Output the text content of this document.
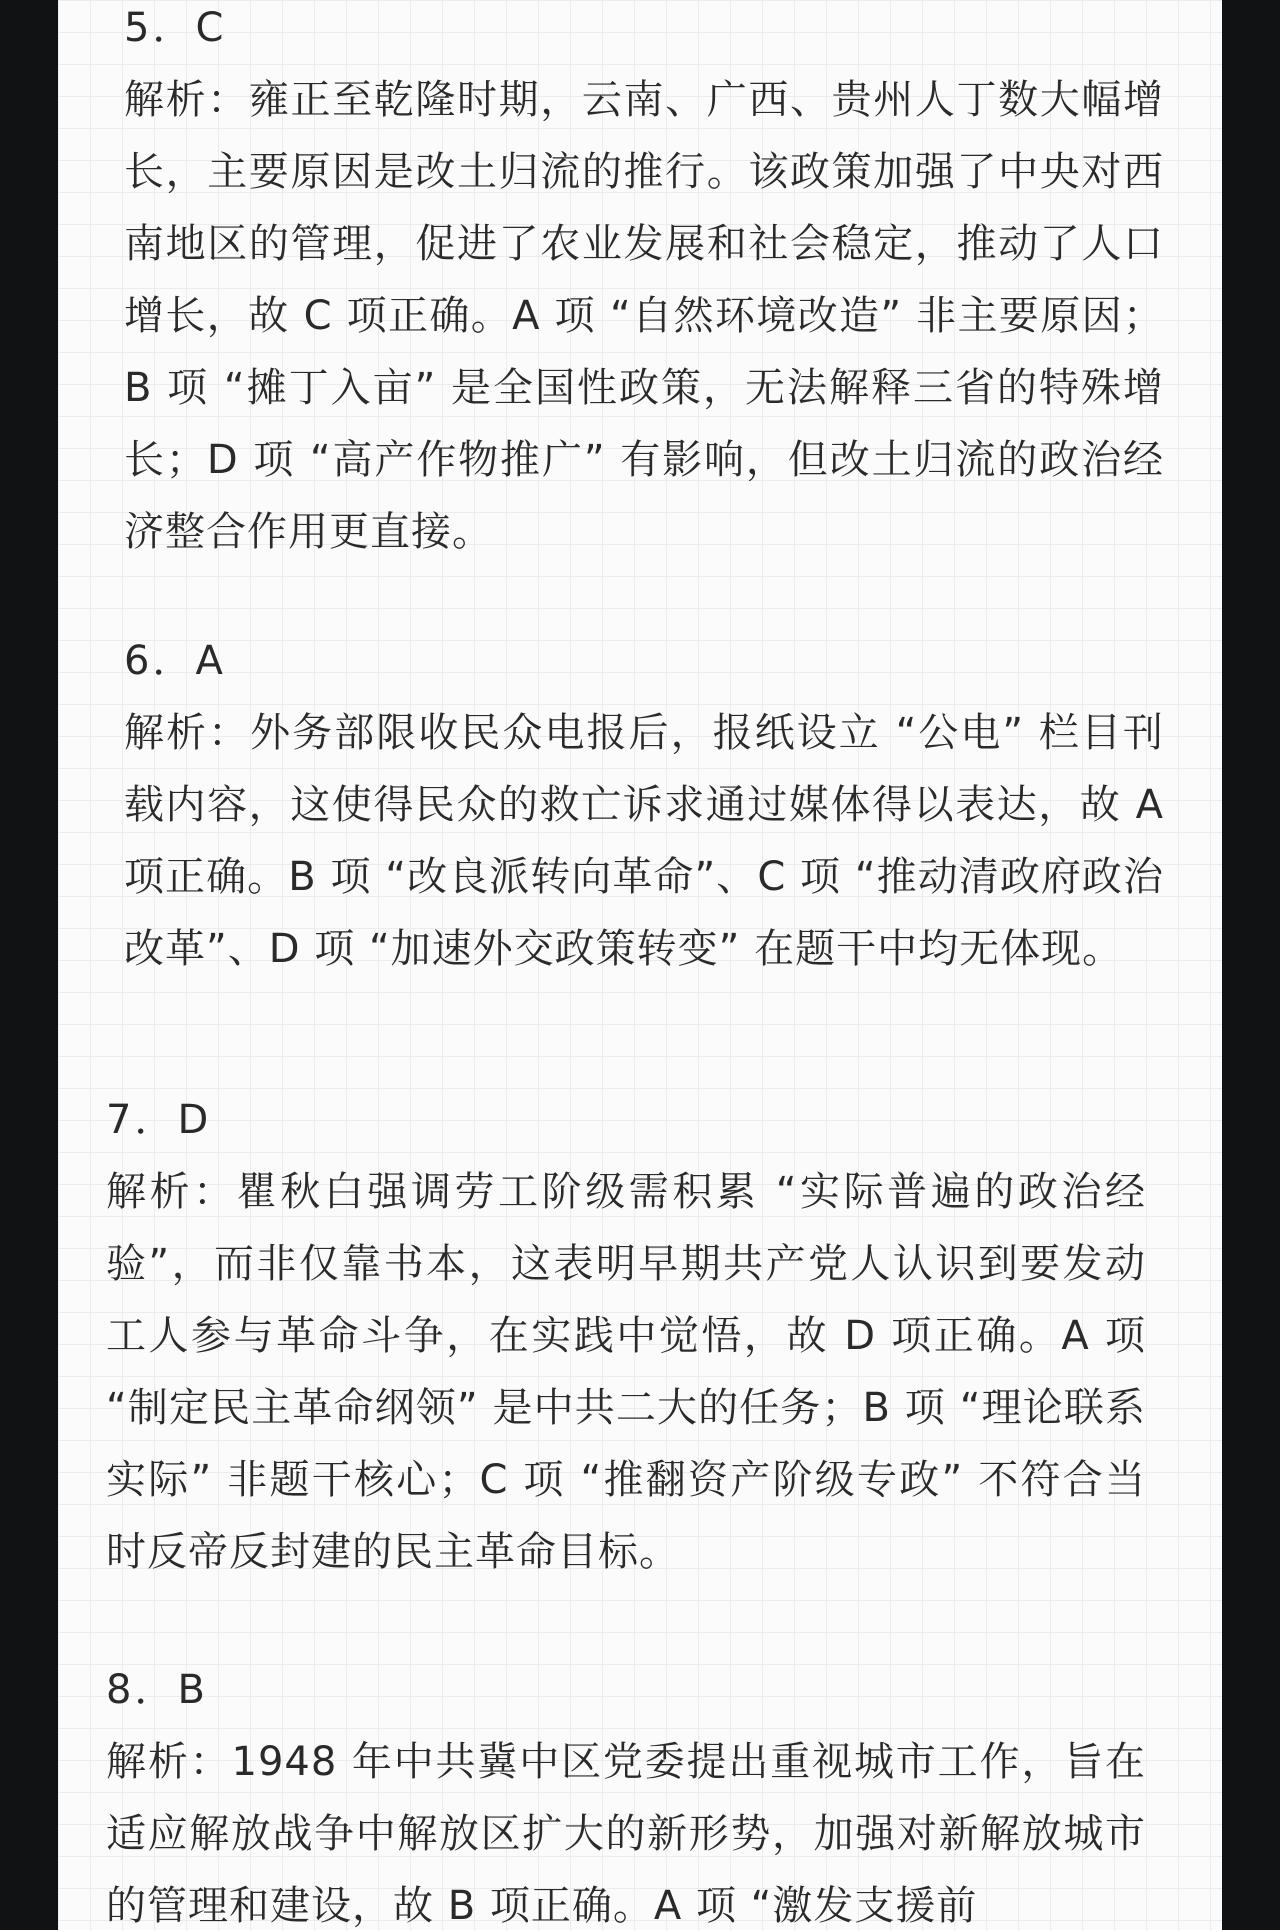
5．C

解析：雍正至乾隆时期，云南、广西、贵州人丁数大幅增长，主要原因是改土归流的推行。该政策加强了中央对西南地区的管理，促进了农业发展和社会稳定，推动了人口增长，故 C 项正确。A 项 “自然环境改造” 非主要原因；B 项 “摊丁入亩” 是全国性政策，无法解释三省的特殊增长；D 项 “高产作物推广” 有影响，但改土归流的政治经济整合作用更直接。

6．A

解析：外务部限收民众电报后，报纸设立 “公电” 栏目刊载内容，这使得民众的救亡诉求通过媒体得以表达，故 A 项正确。B 项 “改良派转向革命”、C 项 “推动清政府政治改革”、D 项 “加速外交政策转变” 在题干中均无体现。

7．D

解析：瞿秋白强调劳工阶级需积累 “实际普遍的政治经验”，而非仅靠书本，这表明早期共产党人认识到要发动工人参与革命斗争，在实践中觉悟，故 D 项正确。A 项 “制定民主革命纲领” 是中共二大的任务；B 项 “理论联系实际” 非题干核心；C 项 “推翻资产阶级专政” 不符合当时反帝反封建的民主革命目标。

8．B

解析：1948 年中共冀中区党委提出重视城市工作，旨在适应解放战争中解放区扩大的新形势，加强对新解放城市的管理和建设，故 B 项正确。A 项 “激发支援前
